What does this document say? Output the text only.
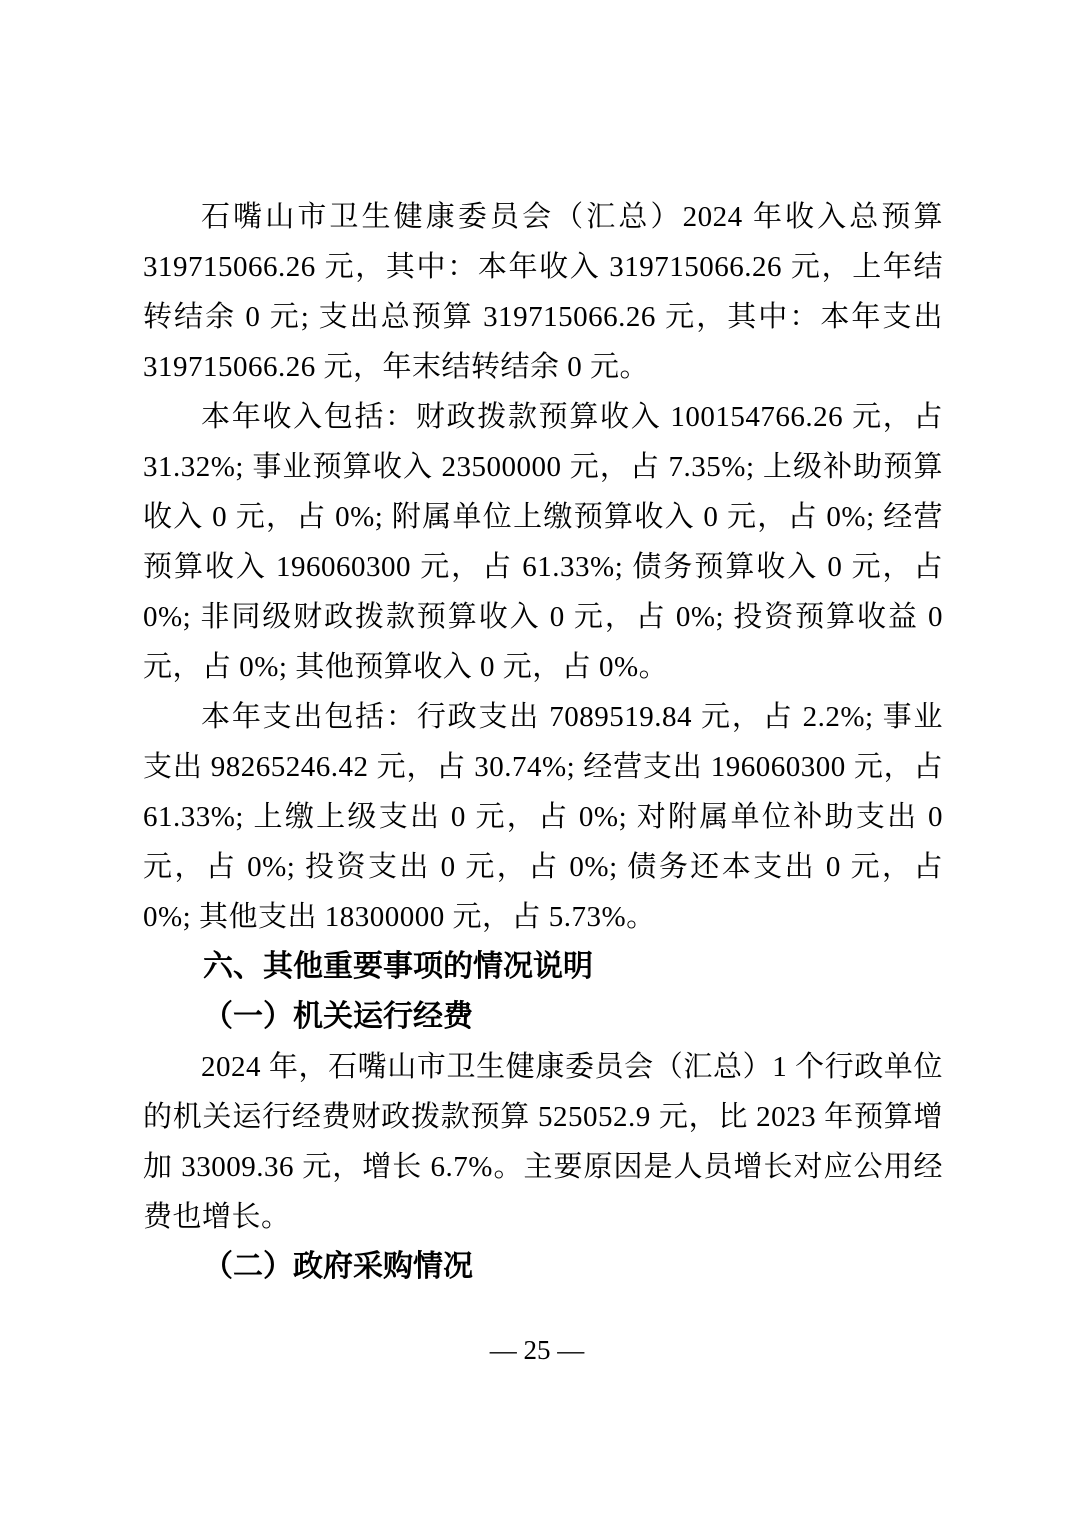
石嘴山市卫生健康委员会（汇总）2024 年收入总预算 319715066.26 元，其中：本年收入 319715066.26 元，上年结转结余 0 元; 支出总预算 319715066.26 元，其中：本年支出 319715066.26 元，年末结转结余 0 元。

本年收入包括：财政拨款预算收入 100154766.26 元，占 31.32%; 事业预算收入 23500000 元，占 7.35%; 上级补助预算收入 0 元，占 0%; 附属单位上缴预算收入 0 元，占 0%; 经营预算收入 196060300 元，占 61.33%; 债务预算收入 0 元，占 0%; 非同级财政拨款预算收入 0 元，占 0%; 投资预算收益 0 元，占 0%; 其他预算收入 0 元，占 0%。

本年支出包括：行政支出 7089519.84 元，占 2.2%; 事业支出 98265246.42 元，占 30.74%; 经营支出 196060300 元，占 61.33%; 上缴上级支出 0 元，占 0%; 对附属单位补助支出 0 元，占 0%; 投资支出 0 元，占 0%; 债务还本支出 0 元，占 0%; 其他支出 18300000 元，占 5.73%。

六、其他重要事项的情况说明
（一）机关运行经费

2024 年，石嘴山市卫生健康委员会（汇总）1 个行政单位的机关运行经费财政拨款预算 525052.9 元，比 2023 年预算增加 33009.36 元，增长 6.7%。主要原因是人员增长对应公用经费也增长。

（二）政府采购情况
— 25 —
